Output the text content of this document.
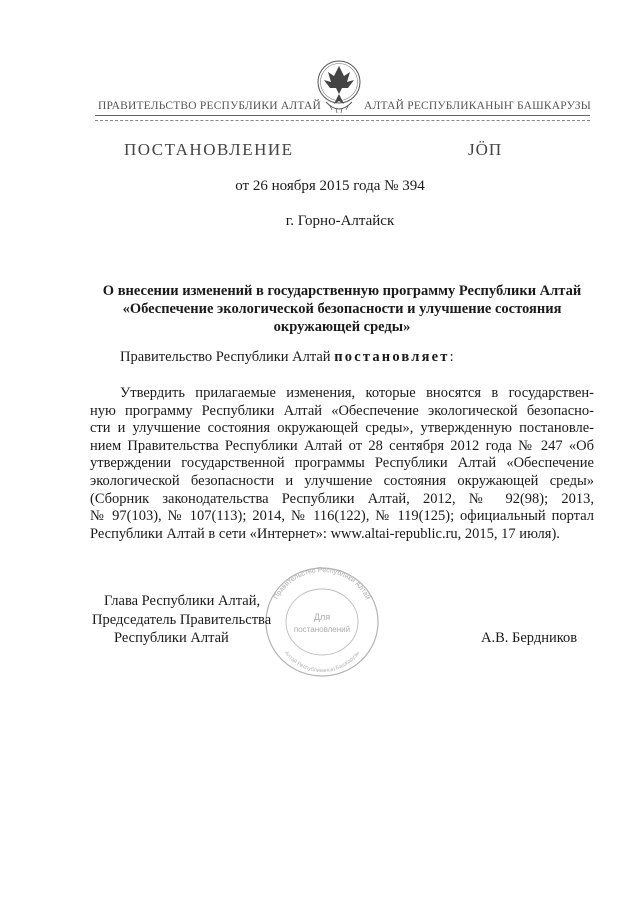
ПРАВИТЕЛЬСТВО РЕСПУБЛИКИ АЛТАЙ	АЛТАЙ РЕСПУБЛИКАНЫҤ БАШКАРУЗЫ
ПОСТАНОВЛЕНИЕ	ЈӦП
от 26 ноября 2015 года № 394
г. Горно-Алтайск
О внесении изменений в государственную программу Республики Алтай
«Обеспечение экологической безопасности и улучшение состояния
окружающей среды»
Правительство Республики Алтай постановляет:
Утвердить прилагаемые изменения, которые вносятся в государствен-
ную программу Республики Алтай «Обеспечение экологической безопасно-
сти и улучшение состояния окружающей среды», утвержденную постановле-
нием Правительства Республики Алтай от 28 сентября 2012 года № 247 «Об
утверждении государственной программы Республики Алтай «Обеспечение
экологической безопасности и улучшение состояния окружающей среды»
(Сборник законодательства Республики Алтай, 2012, № 92(98); 2013,
№ 97(103), № 107(113); 2014, № 116(122), № 119(125); официальный портал
Республики Алтай в сети «Интернет»: www.altai-republic.ru, 2015, 17 июля).
Правительство Республики Алтай
Алтай Республиканың Башкарузы
Для
постановлений
Глава Республики Алтай,
Председатель Правительства
Республики Алтай	А.В. Бердников
